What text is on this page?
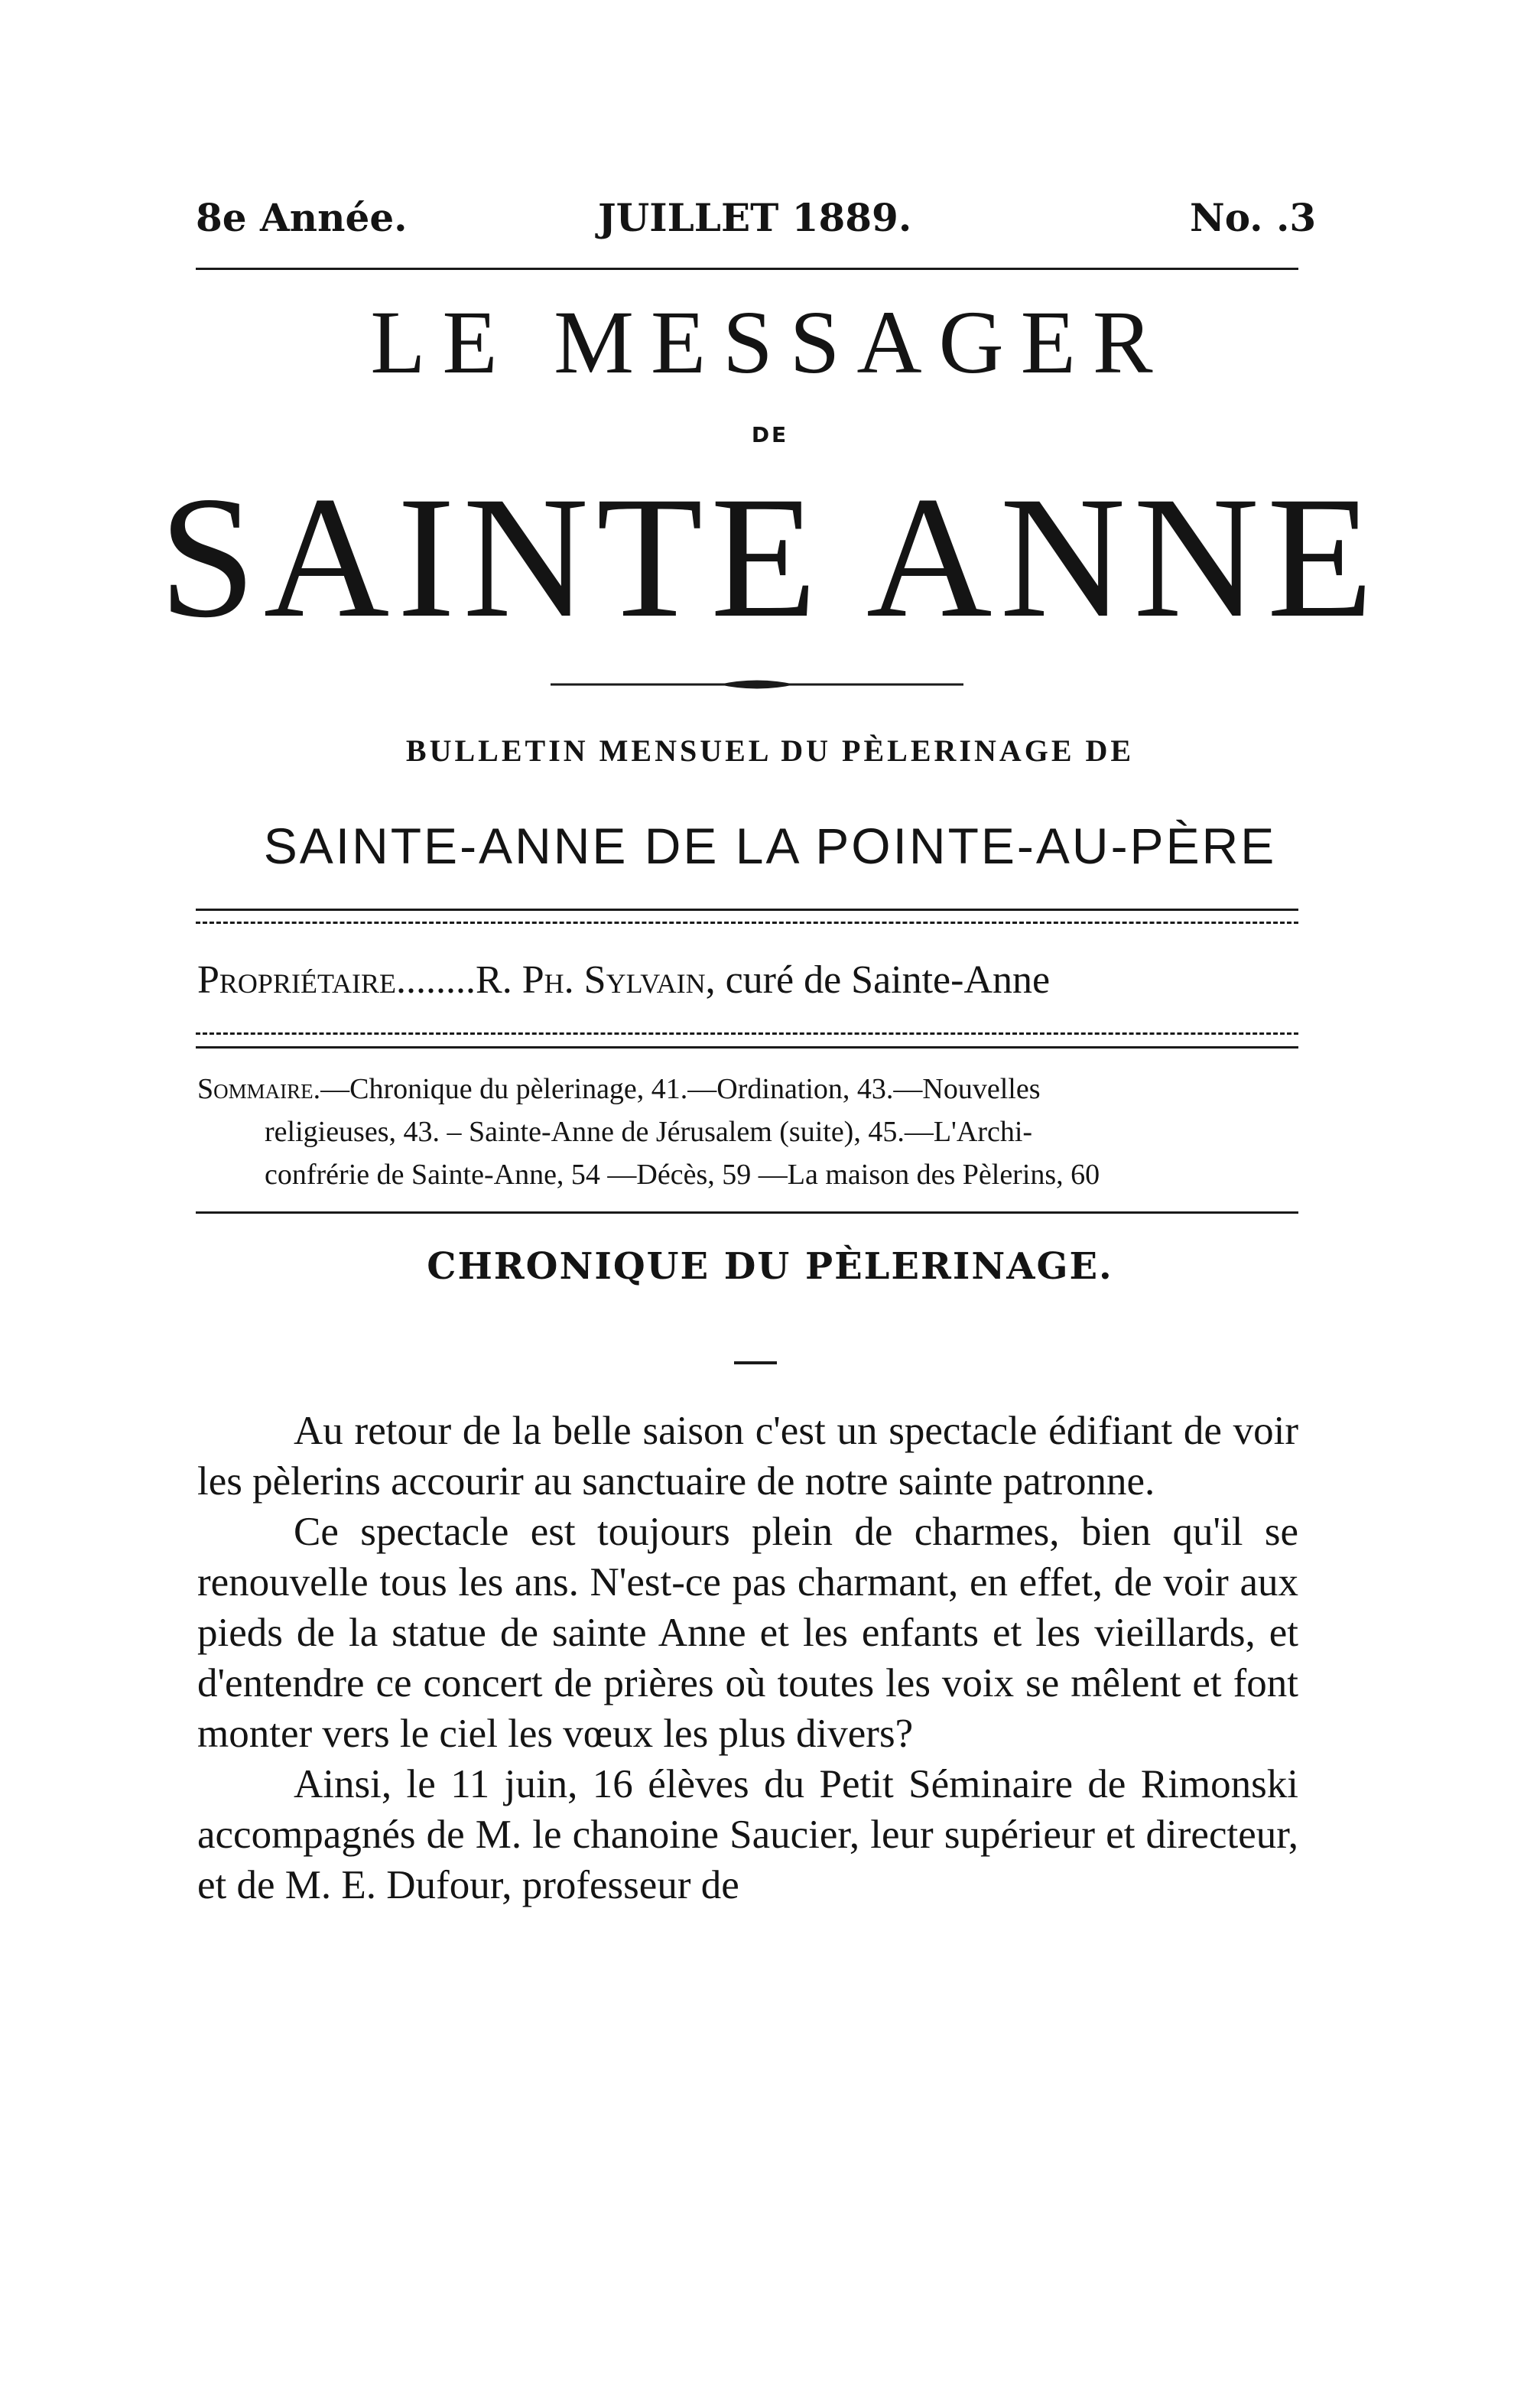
8e Année.	JUILLET 1889.	No. .3
LE MESSAGER
DE
SAINTE ANNE
BULLETIN MENSUEL DU PÈLERINAGE DE
SAINTE-ANNE DE LA POINTE-AU-PÈRE
Propriétaire........R. Ph. Sylvain, curé de Sainte-Anne
Sommaire.—Chronique du pèlerinage, 41.—Ordination, 43.—Nouvelles
religieuses, 43. – Sainte-Anne de Jérusalem (suite), 45.—L'Archi-
confrérie de Sainte-Anne, 54 —Décès, 59 —La maison des Pèlerins, 60
CHRONIQUE DU PÈLERINAGE.

Au retour de la belle saison c'est un spectacle édifiant de voir les pèlerins accourir au sanctuaire de notre sainte patronne.

Ce spectacle est toujours plein de charmes, bien qu'il se renouvelle tous les ans. N'est-ce pas charmant, en effet, de voir aux pieds de la statue de sainte Anne et les enfants et les vieillards, et d'entendre ce concert de prières où toutes les voix se mêlent et font monter vers le ciel les vœux les plus divers?

Ainsi, le 11 juin, 16 élèves du Petit Séminaire de Rimonski accompagnés de M. le chanoine Saucier, leur supérieur et directeur, et de M. E. Dufour, professeur de
